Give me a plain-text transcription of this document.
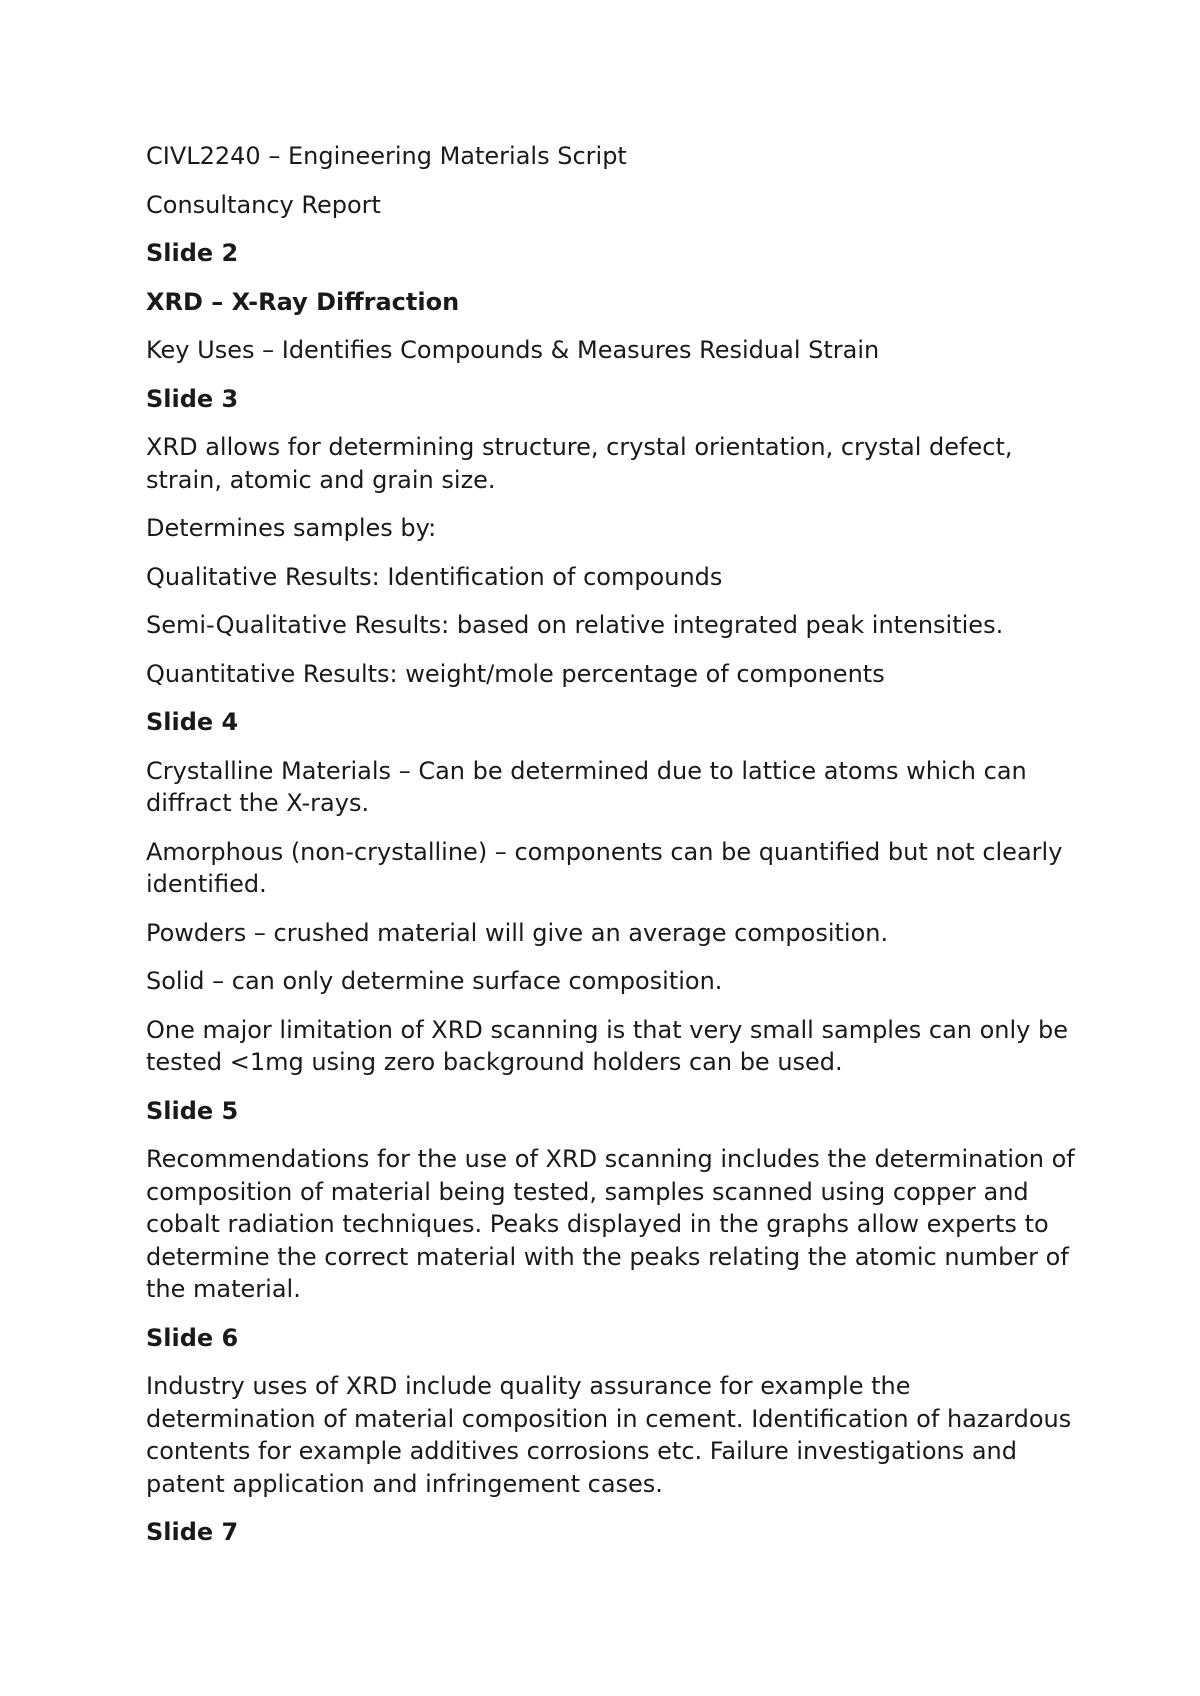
CIVL2240 – Engineering Materials Script

Consultancy Report

Slide 2

XRD – X-Ray Diffraction

Key Uses – Identifies Compounds & Measures Residual Strain

Slide 3

XRD allows for determining structure, crystal orientation, crystal defect, strain, atomic and grain size.

Determines samples by:

Qualitative Results: Identification of compounds

Semi-Qualitative Results: based on relative integrated peak intensities.

Quantitative Results: weight/mole percentage of components

Slide 4

Crystalline Materials – Can be determined due to lattice atoms which can diffract the X-rays.

Amorphous (non-crystalline) – components can be quantified but not clearly identified.

Powders – crushed material will give an average composition.

Solid – can only determine surface composition.

One major limitation of XRD scanning is that very small samples can only be tested <1mg using zero background holders can be used.

Slide 5

Recommendations for the use of XRD scanning includes the determination of composition of material being tested, samples scanned using copper and cobalt radiation techniques. Peaks displayed in the graphs allow experts to determine the correct material with the peaks relating the atomic number of the material.

Slide 6

Industry uses of XRD include quality assurance for example the determination of material composition in cement. Identification of hazardous contents for example additives corrosions etc. Failure investigations and patent application and infringement cases.

Slide 7
